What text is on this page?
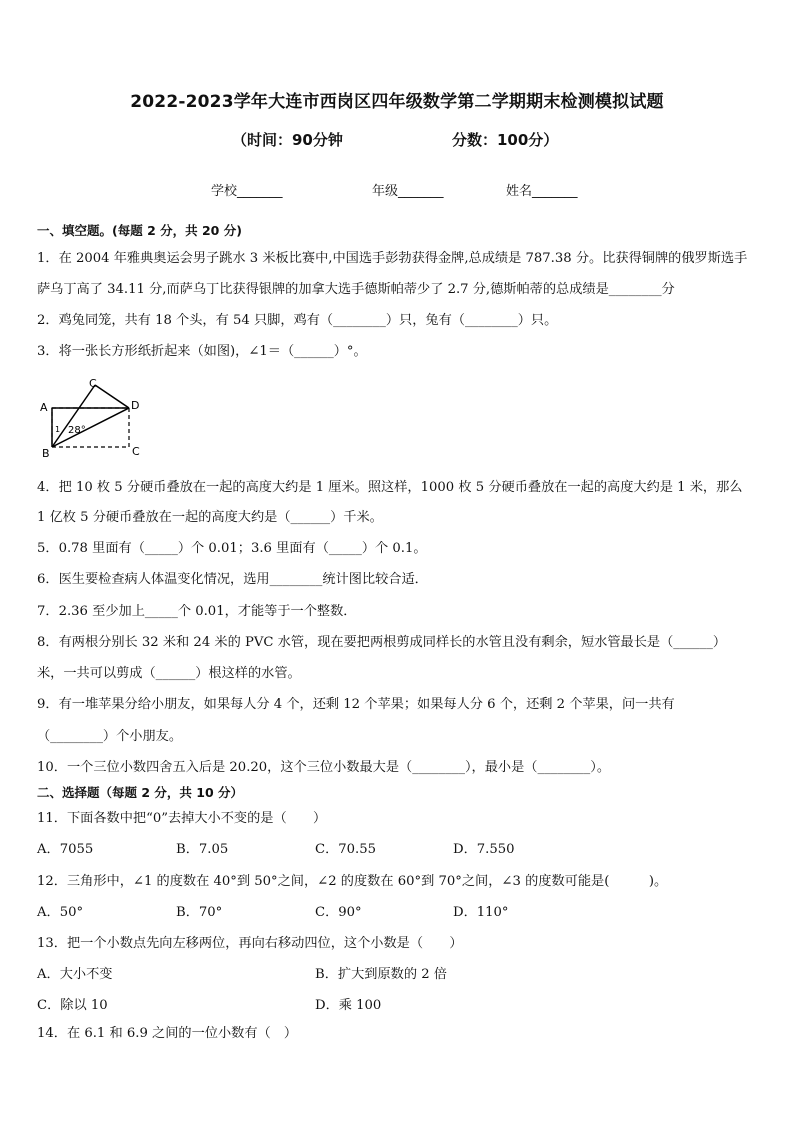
2022-2023学年大连市西岗区四年级数学第二学期期末检测模拟试题
（时间：90分钟	分数：100分）
学校_______	年级_______	姓名_______
一、填空题。(每题 2 分，共 20 分)
1．在 2004 年雅典奥运会男子跳水 3 米板比赛中,中国选手彭勃获得金牌,总成绩是 787.38 分。比获得铜牌的俄罗斯选手
萨乌丁高了 34.11 分,而萨乌丁比获得银牌的加拿大选手德斯帕蒂少了 2.7 分,德斯帕蒂的总成绩是________分
2．鸡兔同笼，共有 18 个头，有 54 只脚，鸡有（________）只，兔有（________）只。
3．将一张长方形纸折起来（如图)，∠1＝（______）°。
C
A	D
B	C
1 28°
4．把 10 枚 5 分硬币叠放在一起的高度大约是 1 厘米。照这样，1000 枚 5 分硬币叠放在一起的高度大约是 1 米，那么
1 亿枚 5 分硬币叠放在一起的高度大约是（______）千米。
5．0.78 里面有（_____）个 0.01；3.6 里面有（_____）个 0.1。
6．医生要检查病人体温变化情况，选用________统计图比较合适．
7．2.36 至少加上_____个 0.01，才能等于一个整数．
8．有两根分别长 32 米和 24 米的 PVC 水管，现在要把两根剪成同样长的水管且没有剩余，短水管最长是（______）
米，一共可以剪成（______）根这样的水管。
9．有一堆苹果分给小朋友，如果每人分 4 个，还剩 12 个苹果；如果每人分 6 个，还剩 2 个苹果，问一共有
（________）个小朋友。
10．一个三位小数四舍五入后是 20.20，这个三位小数最大是（________），最小是（________）。
二、选择题（每题 2 分，共 10 分）
11．下面各数中把“0”去掉大小不变的是（　　）
A．7055	B．7.05	C．70.55	D．7.550
12．三角形中，∠1 的度数在 40°到 50°之间，∠2 的度数在 60°到 70°之间，∠3 的度数可能是(　　　)。
A．50°	B．70°	C．90°	D．110°
13．把一个小数点先向左移两位，再向右移动四位，这个小数是（　　）
A．大小不变	B．扩大到原数的 2 倍
C．除以 10	D．乘 100
14．在 6.1 和 6.9 之间的一位小数有（　）
